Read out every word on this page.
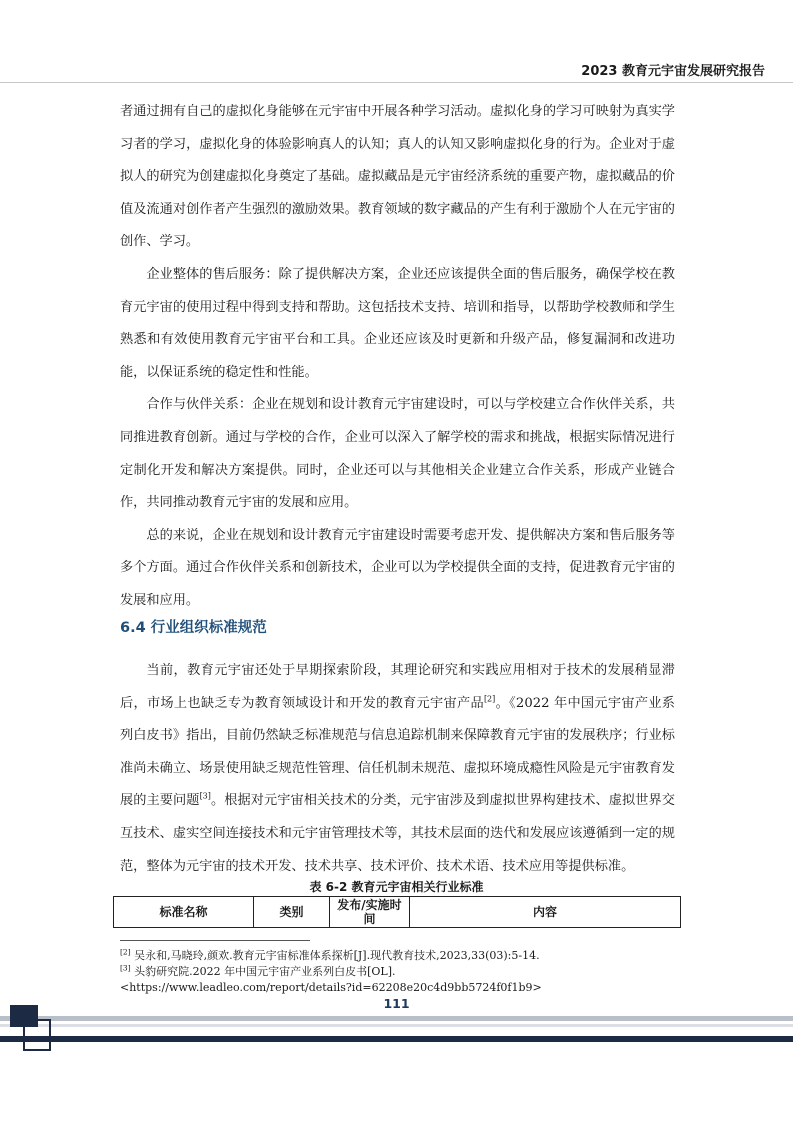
2023 教育元宇宙发展研究报告

者通过拥有自己的虚拟化身能够在元宇宙中开展各种学习活动。虚拟化身的学习可映射为真实学习者的学习，虚拟化身的体验影响真人的认知；真人的认知又影响虚拟化身的行为。企业对于虚拟人的研究为创建虚拟化身奠定了基础。虚拟藏品是元宇宙经济系统的重要产物，虚拟藏品的价值及流通对创作者产生强烈的激励效果。教育领域的数字藏品的产生有利于激励个人在元宇宙的创作、学习。

企业整体的售后服务：除了提供解决方案，企业还应该提供全面的售后服务，确保学校在教育元宇宙的使用过程中得到支持和帮助。这包括技术支持、培训和指导，以帮助学校教师和学生熟悉和有效使用教育元宇宙平台和工具。企业还应该及时更新和升级产品，修复漏洞和改进功能，以保证系统的稳定性和性能。

合作与伙伴关系：企业在规划和设计教育元宇宙建设时，可以与学校建立合作伙伴关系，共同推进教育创新。通过与学校的合作，企业可以深入了解学校的需求和挑战，根据实际情况进行定制化开发和解决方案提供。同时，企业还可以与其他相关企业建立合作关系，形成产业链合作，共同推动教育元宇宙的发展和应用。

总的来说，企业在规划和设计教育元宇宙建设时需要考虑开发、提供解决方案和售后服务等多个方面。通过合作伙伴关系和创新技术，企业可以为学校提供全面的支持，促进教育元宇宙的发展和应用。

6.4 行业组织标准规范

当前，教育元宇宙还处于早期探索阶段，其理论研究和实践应用相对于技术的发展稍显滞后，市场上也缺乏专为教育领域设计和开发的教育元宇宙产品[2]。《2022 年中国元宇宙产业系列白皮书》指出，目前仍然缺乏标准规范与信息追踪机制来保障教育元宇宙的发展秩序；行业标准尚未确立、场景使用缺乏规范性管理、信任机制未规范、虚拟环境成瘾性风险是元宇宙教育发展的主要问题[3]。根据对元宇宙相关技术的分类，元宇宙涉及到虚拟世界构建技术、虚拟世界交互技术、虚实空间连接技术和元宇宙管理技术等，其技术层面的迭代和发展应该遵循到一定的规范，整体为元宇宙的技术开发、技术共享、技术评价、技术术语、技术应用等提供标准。

表 6-2 教育元宇宙相关行业标准
标准名称	类别	发布/实施时间	内容
[2] 吴永和,马晓玲,颜欢.教育元宇宙标准体系探析[J].现代教育技术,2023,33(03):5-14.
[3] 头豹研究院.2022 年中国元宇宙产业系列白皮书[OL].
<https://www.leadleo.com/report/details?id=62208e20c4d9bb5724f0f1b9>
111
